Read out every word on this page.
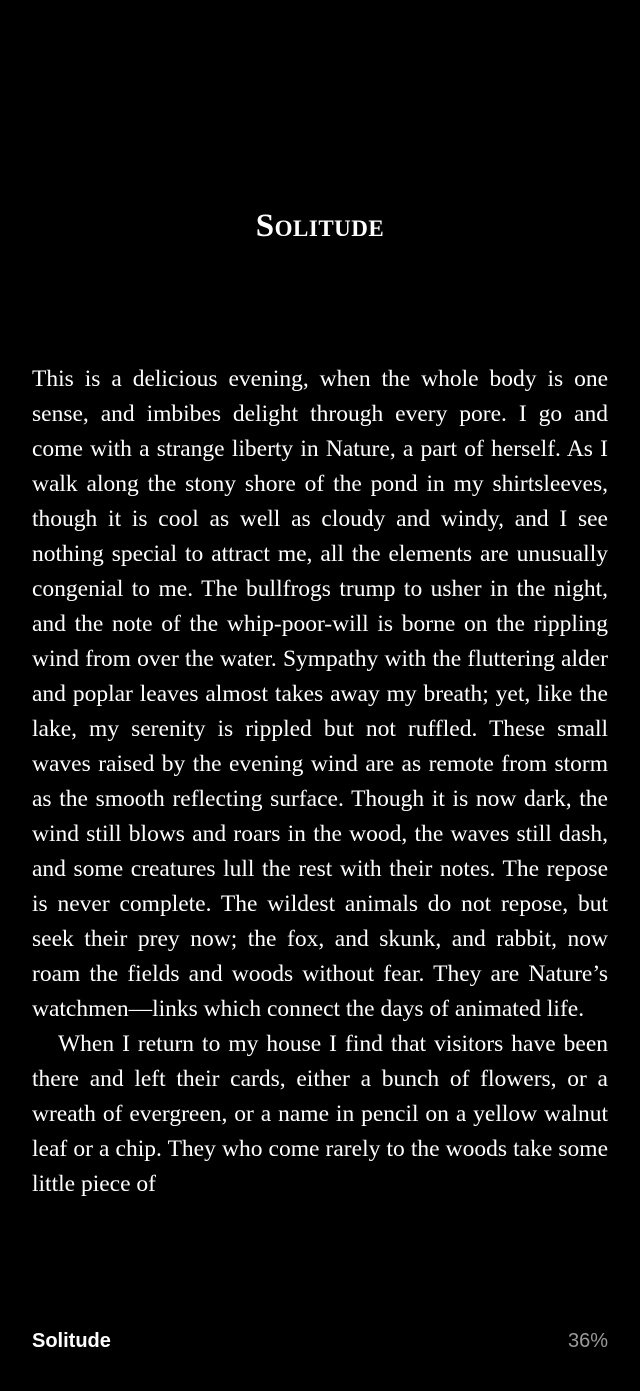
Solitude

This is a delicious evening, when the whole body is one sense, and imbibes delight through every pore. I go and come with a strange liberty in Nature, a part of herself. As I walk along the stony shore of the pond in my shirtsleeves, though it is cool as well as cloudy and windy, and I see nothing special to attract me, all the elements are unusually congenial to me. The bullfrogs trump to usher in the night, and the note of the whip-poor-will is borne on the rippling wind from over the water. Sympathy with the fluttering alder and poplar leaves almost takes away my breath; yet, like the lake, my serenity is rippled but not ruffled. These small waves raised by the evening wind are as remote from storm as the smooth reflecting surface. Though it is now dark, the wind still blows and roars in the wood, the waves still dash, and some creatures lull the rest with their notes. The repose is never complete. The wildest animals do not repose, but seek their prey now; the fox, and skunk, and rabbit, now roam the fields and woods without fear. They are Nature’s watchmen—links which connect the days of animated life.

When I return to my house I find that visitors have been there and left their cards, either a bunch of flowers, or a wreath of evergreen, or a name in pencil on a yellow walnut leaf or a chip. They who come rarely to the woods take some little piece of

Solitude	36%
